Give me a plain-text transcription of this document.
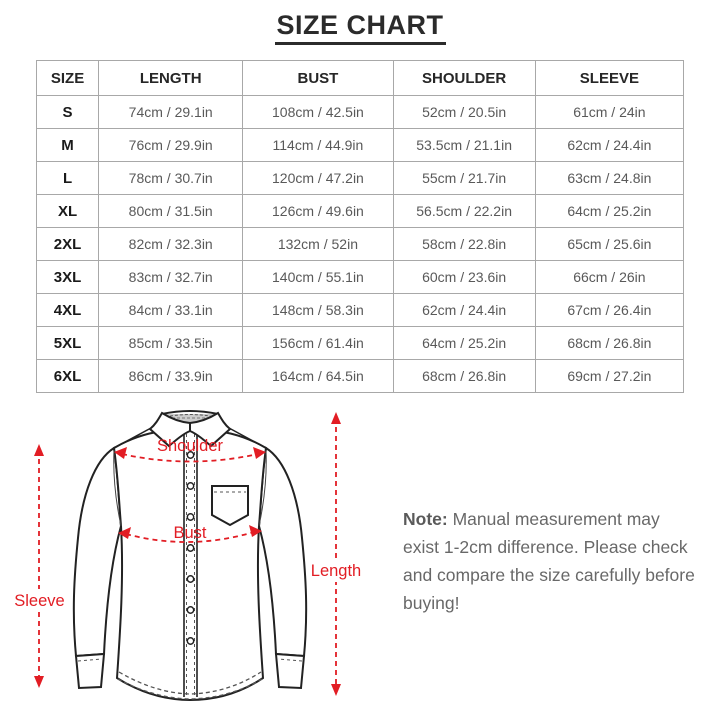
SIZE CHART
SIZE	LENGTH	BUST	SHOULDER	SLEEVE
S	74cm / 29.1in	108cm / 42.5in	52cm / 20.5in	61cm / 24in
M	76cm / 29.9in	114cm / 44.9in	53.5cm / 21.1in	62cm / 24.4in
L	78cm / 30.7in	120cm / 47.2in	55cm / 21.7in	63cm / 24.8in
XL	80cm / 31.5in	126cm / 49.6in	56.5cm / 22.2in	64cm / 25.2in
2XL	82cm / 32.3in	132cm / 52in	58cm / 22.8in	65cm / 25.6in
3XL	83cm / 32.7in	140cm / 55.1in	60cm / 23.6in	66cm / 26in
4XL	84cm / 33.1in	148cm / 58.3in	62cm / 24.4in	67cm / 26.4in
5XL	85cm / 33.5in	156cm / 61.4in	64cm / 25.2in	68cm / 26.8in
6XL	86cm / 33.9in	164cm / 64.5in	68cm / 26.8in	69cm / 27.2in
Sleeve
Length
Shoulder
Bust
Note: Manual measurement may exist 1-2cm difference. Please check and compare the size carefully before buying!
